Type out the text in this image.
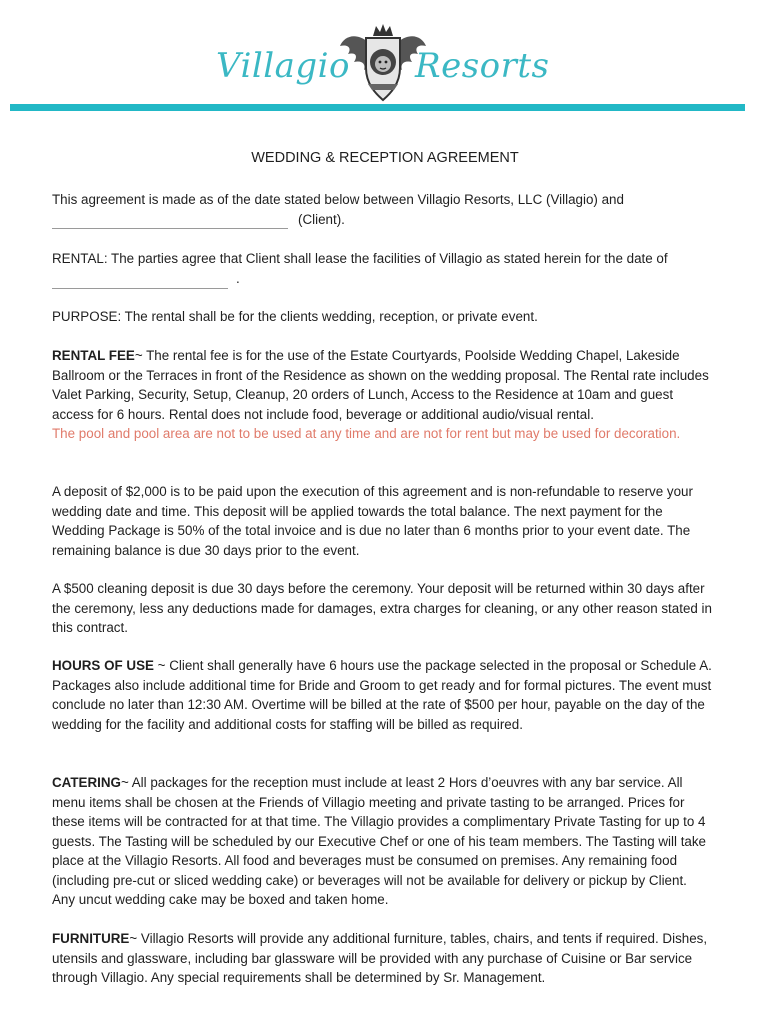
Villagio Resorts
WEDDING & RECEPTION AGREEMENT

This agreement is made as of the date stated below between Villagio Resorts, LLC (Villagio) and

(Client).

RENTAL: The parties agree that Client shall lease the facilities of Villagio as stated herein for the date of

.

PURPOSE: The rental shall be for the clients wedding, reception, or private event.

RENTAL FEE~ The rental fee is for the use of the Estate Courtyards, Poolside Wedding Chapel, Lakeside Ballroom or the Terraces in front of the Residence as shown on the wedding proposal. The Rental rate includes Valet Parking, Security, Setup, Cleanup, 20 orders of Lunch, Access to the Residence at 10am and guest access for 6 hours. Rental does not include food, beverage or additional audio/visual rental.

The pool and pool area are not to be used at any time and are not for rent but may be used for decoration.

A deposit of $2,000 is to be paid upon the execution of this agreement and is non-refundable to reserve your wedding date and time. This deposit will be applied towards the total balance. The next payment for the Wedding Package is 50% of the total invoice and is due no later than 6 months prior to your event date. The remaining balance is due 30 days prior to the event.

A $500 cleaning deposit is due 30 days before the ceremony. Your deposit will be returned within 30 days after the ceremony, less any deductions made for damages, extra charges for cleaning, or any other reason stated in this contract.

HOURS OF USE ~ Client shall generally have 6 hours use the package selected in the proposal or Schedule A. Packages also include additional time for Bride and Groom to get ready and for formal pictures. The event must conclude no later than 12:30 AM. Overtime will be billed at the rate of $500 per hour, payable on the day of the wedding for the facility and additional costs for staffing will be billed as required.

CATERING~ All packages for the reception must include at least 2 Hors d’oeuvres with any bar service. All menu items shall be chosen at the Friends of Villagio meeting and private tasting to be arranged. Prices for these items will be contracted for at that time. The Villagio provides a complimentary Private Tasting for up to 4 guests. The Tasting will be scheduled by our Executive Chef or one of his team members. The Tasting will take place at the Villagio Resorts. All food and beverages must be consumed on premises. Any remaining food (including pre-cut or sliced wedding cake) or beverages will not be available for delivery or pickup by Client. Any uncut wedding cake may be boxed and taken home.

FURNITURE~ Villagio Resorts will provide any additional furniture, tables, chairs, and tents if required. Dishes, utensils and glassware, including bar glassware will be provided with any purchase of Cuisine or Bar service through Villagio. Any special requirements shall be determined by Sr. Management.
